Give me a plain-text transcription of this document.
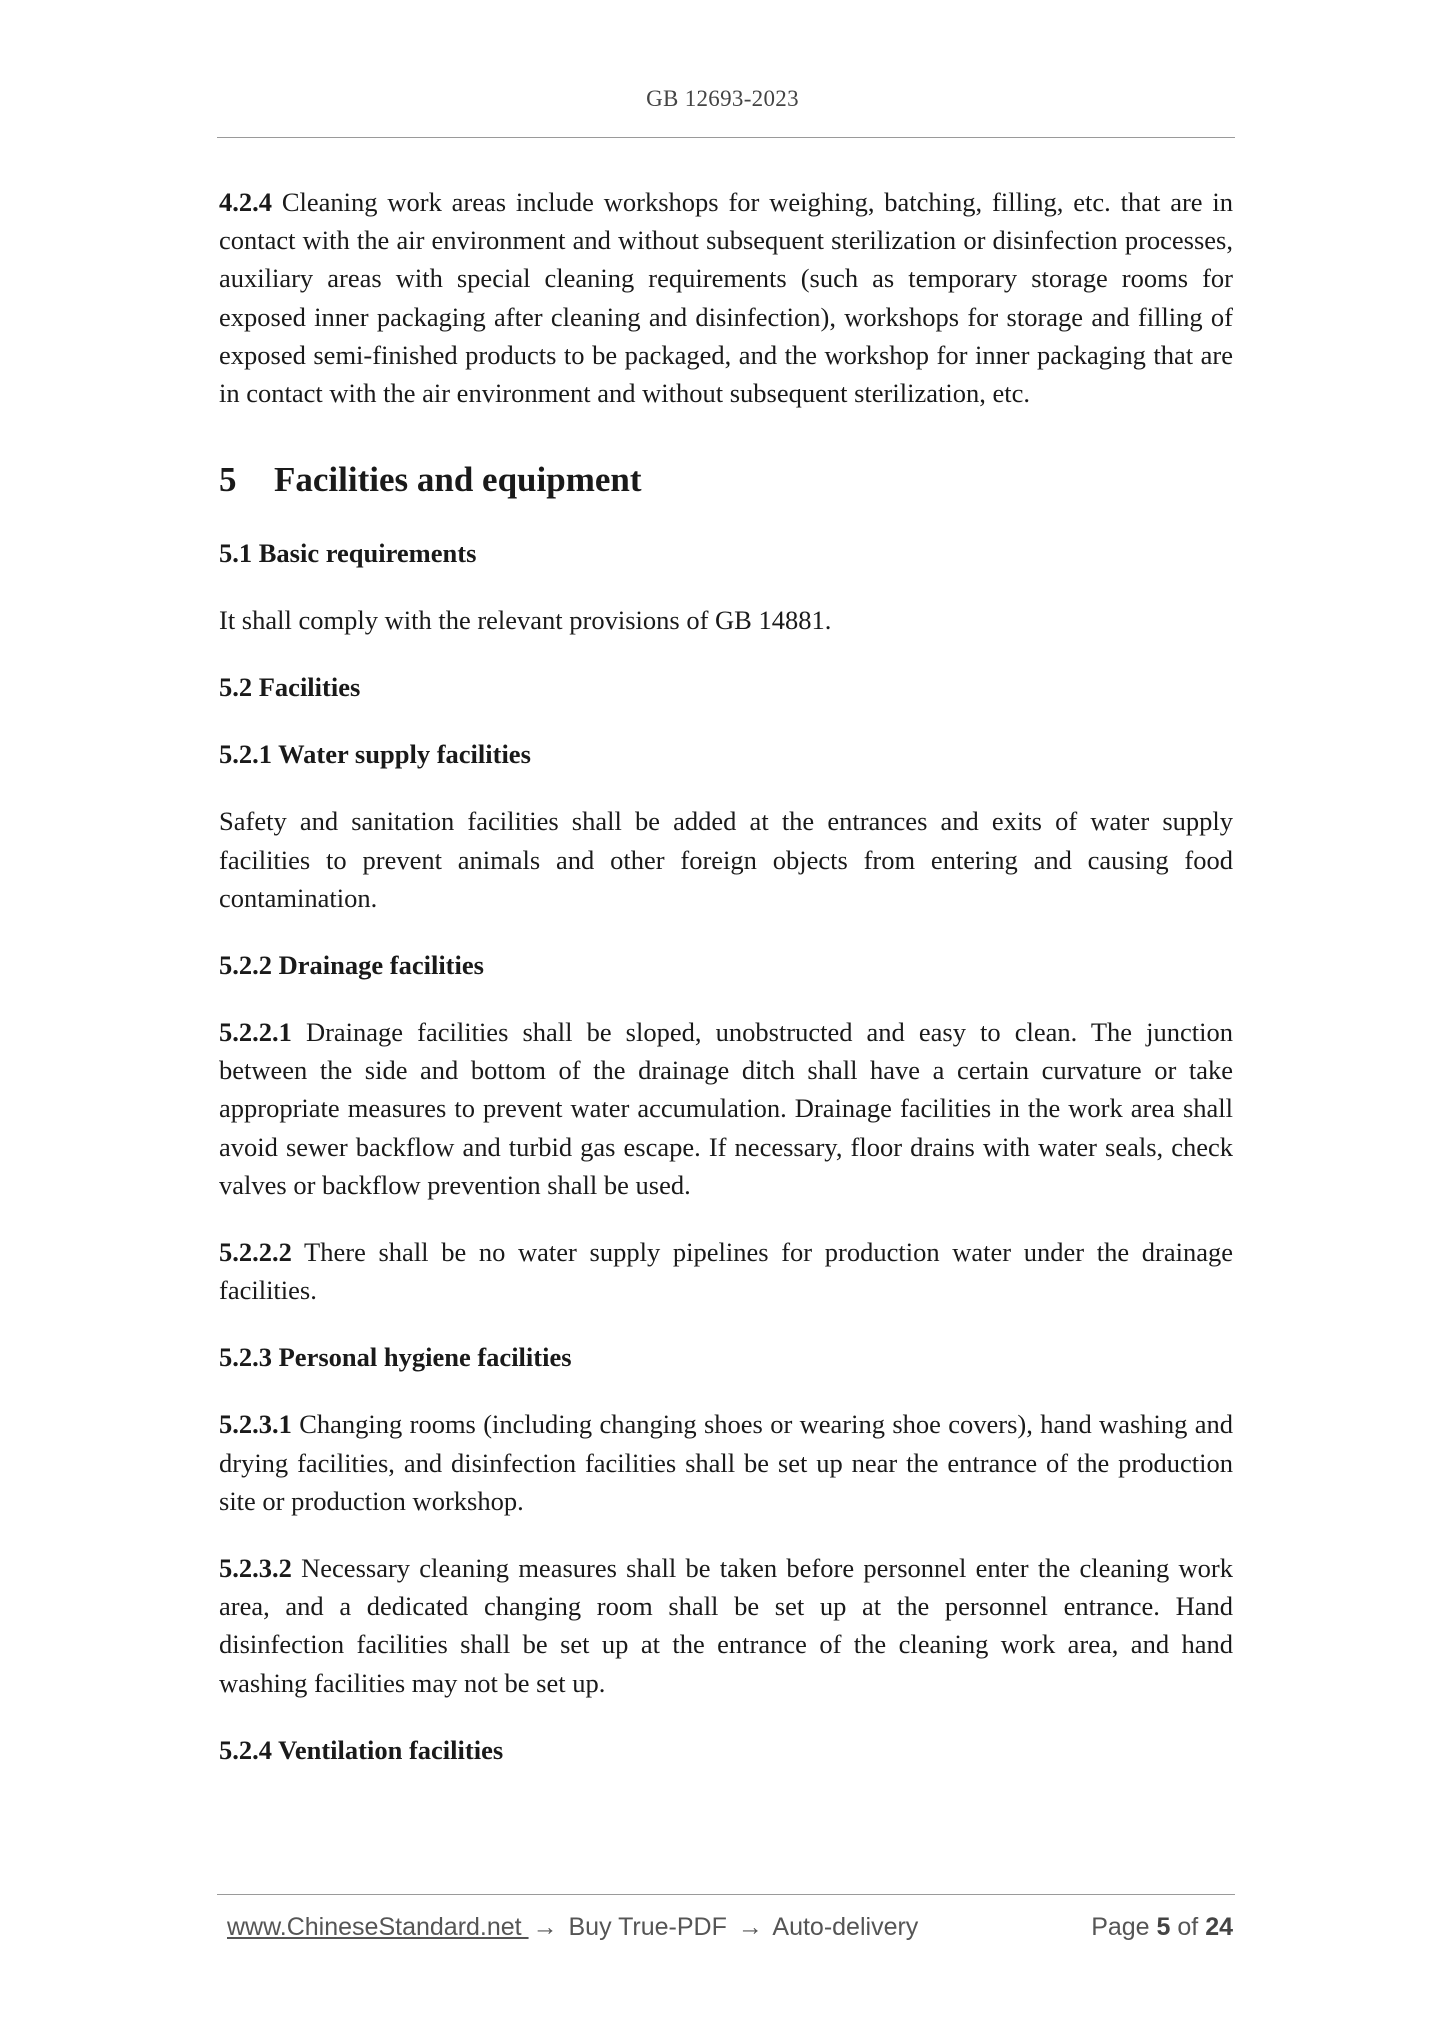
GB 12693-2023

4.2.4 Cleaning work areas include workshops for weighing, batching, filling, etc. that are in contact with the air environment and without subsequent sterilization or disinfection processes, auxiliary areas with special cleaning requirements (such as temporary storage rooms for exposed inner packaging after cleaning and disinfection), workshops for storage and filling of exposed semi-finished products to be packaged, and the workshop for inner packaging that are in contact with the air environment and without subsequent sterilization, etc.

5 Facilities and equipment
5.1 Basic requirements

It shall comply with the relevant provisions of GB 14881.

5.2 Facilities
5.2.1 Water supply facilities

Safety and sanitation facilities shall be added at the entrances and exits of water supply facilities to prevent animals and other foreign objects from entering and causing food contamination.

5.2.2 Drainage facilities

5.2.2.1 Drainage facilities shall be sloped, unobstructed and easy to clean. The junction between the side and bottom of the drainage ditch shall have a certain curvature or take appropriate measures to prevent water accumulation. Drainage facilities in the work area shall avoid sewer backflow and turbid gas escape. If necessary, floor drains with water seals, check valves or backflow prevention shall be used.

5.2.2.2 There shall be no water supply pipelines for production water under the drainage facilities.

5.2.3 Personal hygiene facilities

5.2.3.1 Changing rooms (including changing shoes or wearing shoe covers), hand washing and drying facilities, and disinfection facilities shall be set up near the entrance of the production site or production workshop.

5.2.3.2 Necessary cleaning measures shall be taken before personnel enter the cleaning work area, and a dedicated changing room shall be set up at the personnel entrance. Hand disinfection facilities shall be set up at the entrance of the cleaning work area, and hand washing facilities may not be set up.

5.2.4 Ventilation facilities
www.ChineseStandard.net → Buy True-PDF → Auto-delivery	Page 5 of 24
